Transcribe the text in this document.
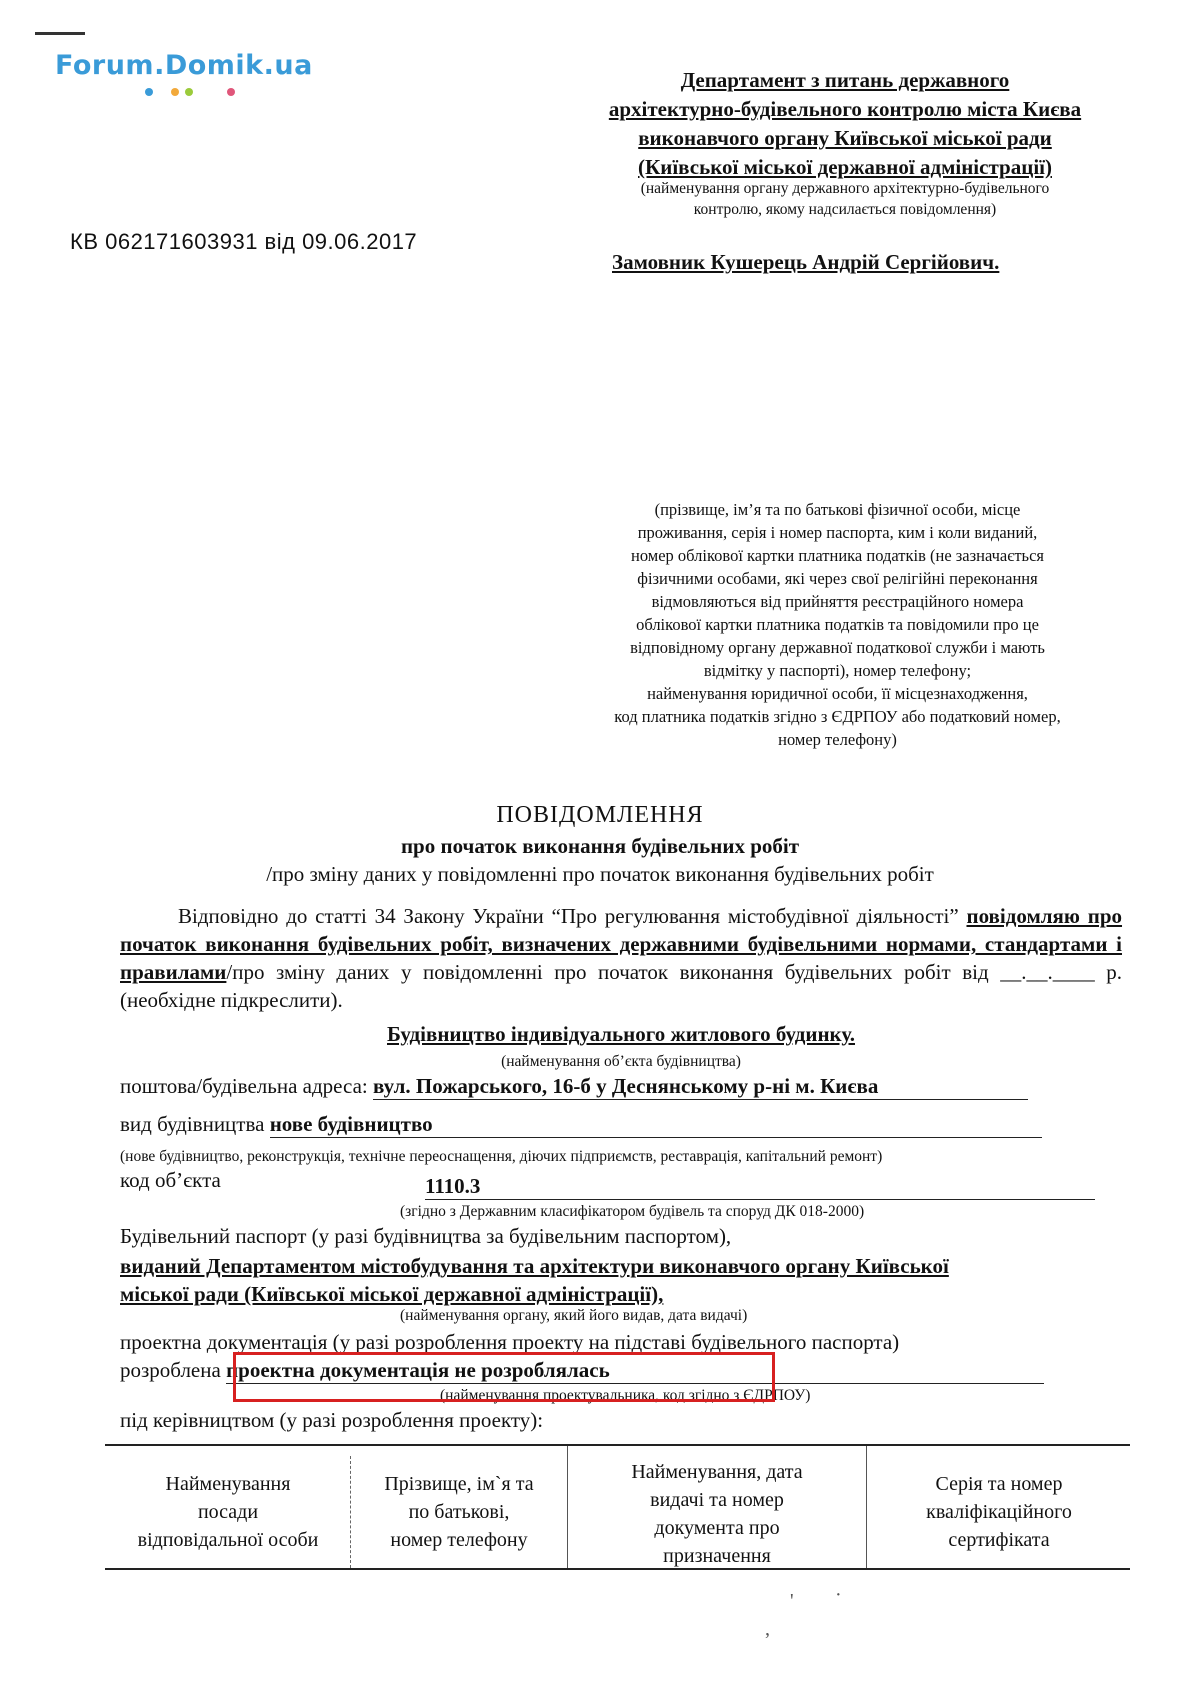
Forum.Domik.ua	Департамент з питань державного
архітектурно-будівельного контролю міста Києва
виконавчого органу Київської міської ради
(Київської міської державної адміністрації)
(найменування органу державного архітектурно-будівельного
контролю, якому надсилається повідомлення)
КВ 062171603931 від 09.06.2017
Замовник Кушерець Андрій Сергійович.
(прізвище, ім’я та по батькові фізичної особи, місце
проживання, серія і номер паспорта, ким і коли виданий,
номер облікової картки платника податків (не зазначається
фізичними особами, які через свої релігійні переконання
відмовляються від прийняття реєстраційного номера
облікової картки платника податків та повідомили про це
відповідному органу державної податкової служби і мають
відмітку у паспорті), номер телефону;
найменування юридичної особи, її місцезнаходження,
код платника податків згідно з ЄДРПОУ або податковий номер,
номер телефону)
ПОВІДОМЛЕННЯ
про початок виконання будівельних робіт
/про зміну даних у повідомленні про початок виконання будівельних робіт
Відповідно до статті 34 Закону України “Про регулювання містобудівної діяльності” повідомляю про початок виконання будівельних робіт, визначених державними будівельними нормами, стандартами і правилами/про зміну даних у повідомленні про початок виконання будівельних робіт від __.__.____ р. (необхідне підкреслити).
Будівництво індивідуального житлового будинку.
(найменування об’єкта будівництва)
поштова/будівельна адреса: вул. Пожарського, 16-б у Деснянському р-ні м. Києва
вид будівництва нове будівництво
(нове будівництво, реконструкція, технічне переоснащення, діючих підприємств, реставрація, капітальний ремонт)
код об’єкта	1110.3
(згідно з Державним класифікатором будівель та споруд ДК 018-2000)
Будівельний паспорт (у разі будівництва за будівельним паспортом),
виданий Департаментом містобудування та архітектури виконавчого органу Київської
міської ради (Київської міської державної адміністрації),
(найменування органу, який його видав, дата видачі)
проектна документація (у разі розроблення проекту на підставі будівельного паспорта)
розроблена проектна документація не розроблялась
(найменування проектувальника, код згідно з ЄДРПОУ)
під керівництвом (у разі розроблення проекту):
Найменування
посади
відповідальної особи
Прізвище, ім`я та
по батькові,
номер телефону
Найменування, дата
видачі та номер
документа про
призначення
Серія та номер
кваліфікаційного
сертифіката
' ·
,
